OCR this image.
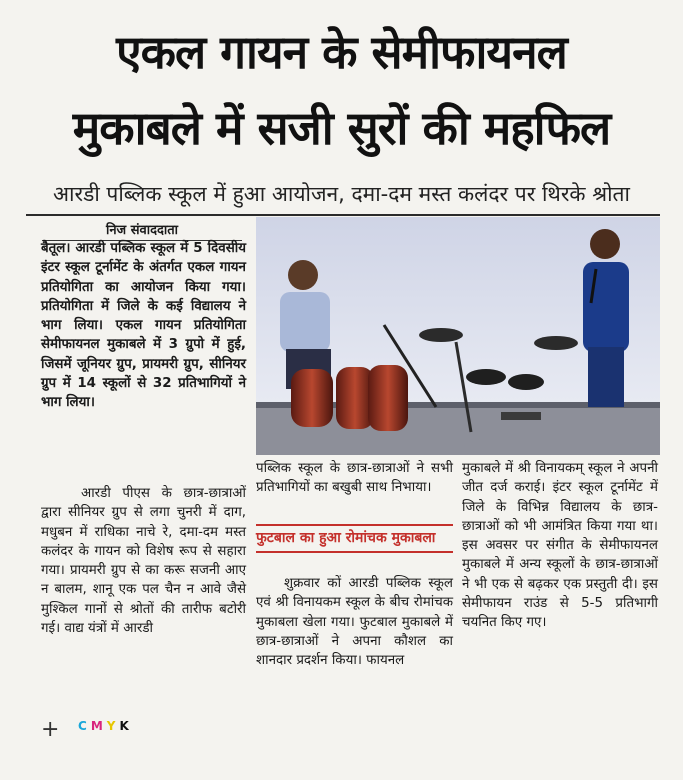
एकल गायन के सेमीफायनल
मुकाबले में सजी सुरों की महफिल
आरडी पब्लिक स्कूल में हुआ आयोजन, दमा-दम मस्त कलंदर पर थिरके श्रोता
निज संवाददाता
बैतूल। आरडी पब्लिक स्कूल में 5 दिवसीय इंटर स्कूल टूर्नामेंट के अंतर्गत एकल गायन प्रतियोगिता का आयोजन किया गया। प्रतियोगिता में जिले के कई विद्यालय ने भाग लिया। एकल गायन प्रतियोगिता सेमीफायनल मुकाबले में 3 ग्रुपो में हुई, जिसमें जूनियर ग्रुप, प्रायमरी ग्रुप, सीनियर ग्रुप में 14 स्कूलों से 32 प्रतिभागियों ने भाग लिया।
आरडी पीएस के छात्र-छात्राओं द्वारा सीनियर ग्रुप से लगा चुनरी में दाग, मधुबन में राधिका नाचे रे, दमा-दम मस्त कलंदर के गायन को विशेष रूप से सहारा गया। प्रायमरी ग्रुप से का करू सजनी आए न बालम, शानू एक पल चैन न आवे जैसे मुश्किल गानों से श्रोतों की तारीफ बटोरी गई। वाद्य यंत्रों में आरडी
पब्लिक स्कूल के छात्र-छात्राओं ने सभी प्रतिभागियों का बखुबी साथ निभाया।
फुटबाल का हुआ रोमांचक मुकाबला
शुक्रवार कों आरडी पब्लिक स्कूल एवं श्री विनायकम स्कूल के बीच रोमांचक मुकाबला खेला गया। फुटबाल मुकाबले में छात्र-छात्राओं ने अपना कौशल का शानदार प्रदर्शन किया। फायनल
मुकाबले में श्री विनायकम् स्कूल ने अपनी जीत दर्ज कराई। इंटर स्कूल टूर्नामेंट में जिले के विभिन्न विद्यालय के छात्र-छात्राओं को भी आमंत्रित किया गया था। इस अवसर पर संगीत के सेमीफायनल मुकाबले में अन्य स्कूलों के छात्र-छात्राओं ने भी एक से बढ़कर एक प्रस्तुती दी। इस सेमीफायन राउंड से 5-5 प्रतिभागी चयनित किए गए।
+ CMYK
